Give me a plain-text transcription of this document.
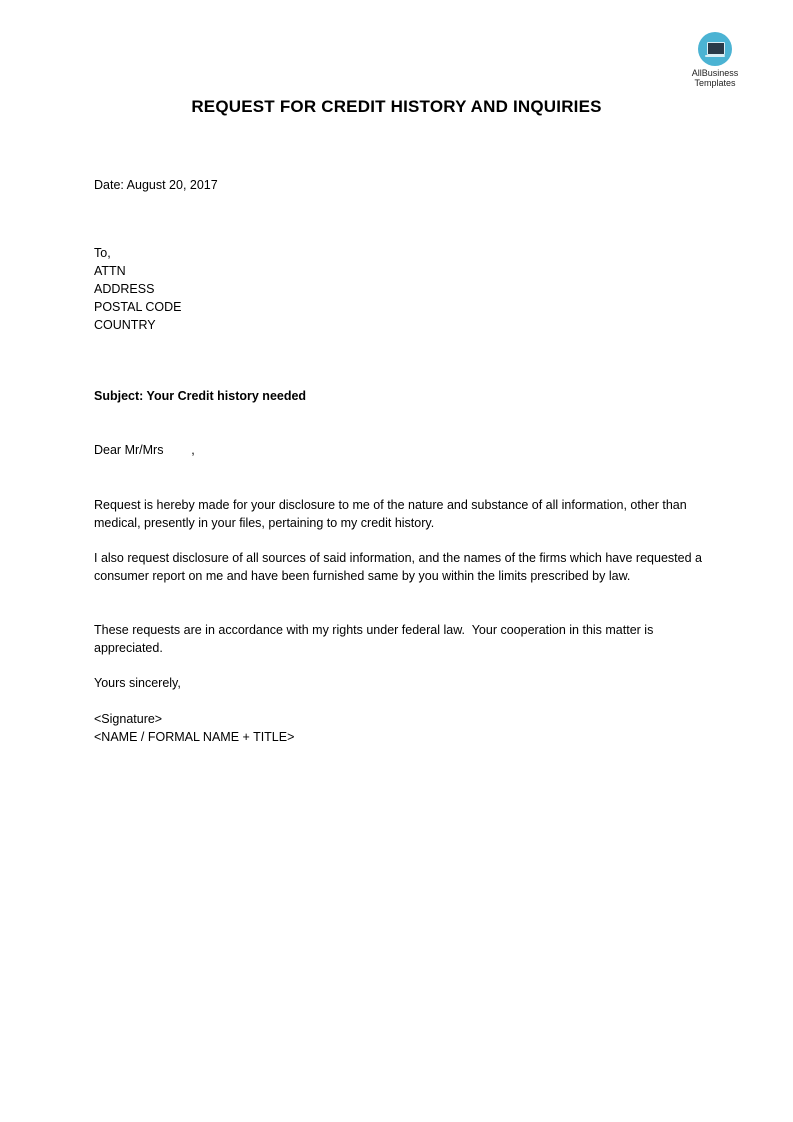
AllBusiness
Templates
REQUEST FOR CREDIT HISTORY AND INQUIRIES
Date: August 20, 2017
To,
ATTN
ADDRESS
POSTAL CODE
COUNTRY
Subject: Your Credit history needed
Dear Mr/Mrs        ,
Request is hereby made for your disclosure to me of the nature and substance of all information, other than medical, presently in your files, pertaining to my credit history.
I also request disclosure of all sources of said information, and the names of the firms which have requested a consumer report on me and have been furnished same by you within the limits prescribed by law.
These requests are in accordance with my rights under federal law.  Your cooperation in this matter is appreciated.
Yours sincerely,
<Signature>
<NAME / FORMAL NAME + TITLE>
